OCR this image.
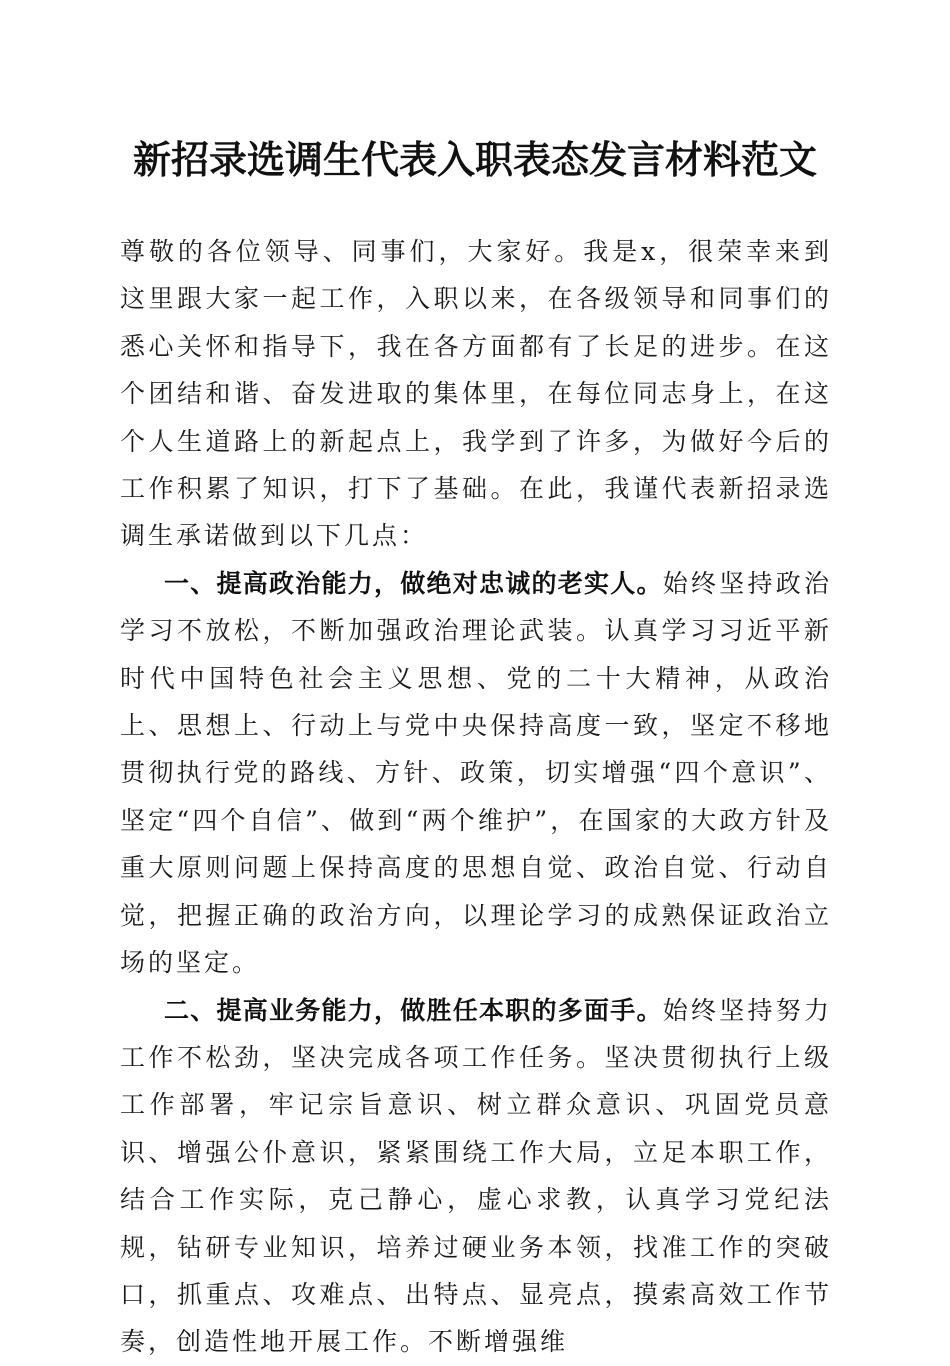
新招录选调生代表入职表态发言材料范文

尊敬的各位领导、同事们，大家好。我是x，很荣幸来到这里跟大家一起工作，入职以来，在各级领导和同事们的悉心关怀和指导下，我在各方面都有了长足的进步。在这个团结和谐、奋发进取的集体里，在每位同志身上，在这个人生道路上的新起点上，我学到了许多，为做好今后的工作积累了知识，打下了基础。在此，我谨代表新招录选调生承诺做到以下几点：

一、提高政治能力，做绝对忠诚的老实人。始终坚持政治学习不放松，不断加强政治理论武装。认真学习习近平新时代中国特色社会主义思想、党的二十大精神，从政治上、思想上、行动上与党中央保持高度一致，坚定不移地贯彻执行党的路线、方针、政策，切实增强“四个意识”、坚定“四个自信”、做到“两个维护”，在国家的大政方针及重大原则问题上保持高度的思想自觉、政治自觉、行动自觉，把握正确的政治方向，以理论学习的成熟保证政治立场的坚定。

二、提高业务能力，做胜任本职的多面手。始终坚持努力工作不松劲，坚决完成各项工作任务。坚决贯彻执行上级工作部署，牢记宗旨意识、树立群众意识、巩固党员意识、增强公仆意识，紧紧围绕工作大局，立足本职工作，结合工作实际，克己静心，虚心求教，认真学习党纪法规，钻研专业知识，培养过硬业务本领，找准工作的突破口，抓重点、攻难点、出特点、显亮点，摸索高效工作节奏，创造性地开展工作。不断增强维
